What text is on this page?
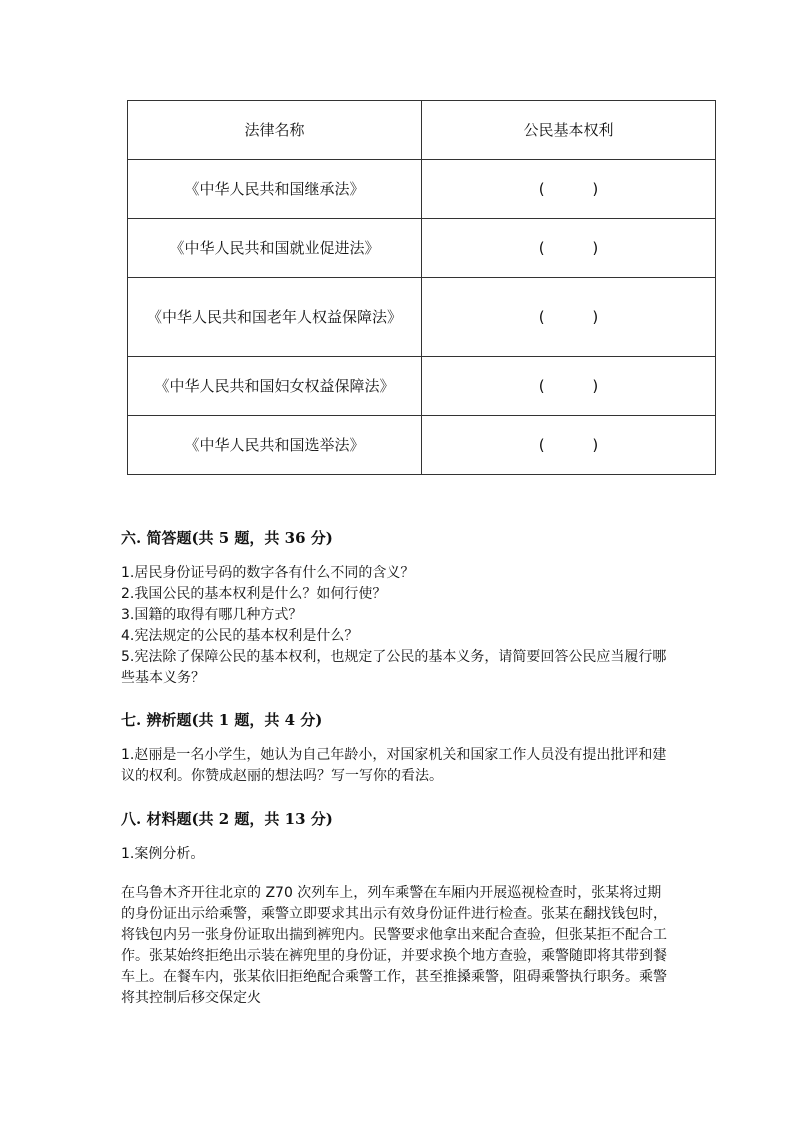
法律名称	公民基本权利
《中华人民共和国继承法》	(          )
《中华人民共和国就业促进法》	(          )
《中华人民共和国老年人权益保障法》	(          )
《中华人民共和国妇女权益保障法》	(          )
《中华人民共和国选举法》	(          )
六. 简答题(共 5 题，共 36 分)

1.居民身份证号码的数字各有什么不同的含义？

2.我国公民的基本权利是什么？如何行使？

3.国籍的取得有哪几种方式？

4.宪法规定的公民的基本权利是什么？

5.宪法除了保障公民的基本权利，也规定了公民的基本义务，请简要回答公民应当履行哪些基本义务？

七. 辨析题(共 1 题，共 4 分)

1.赵丽是一名小学生，她认为自己年龄小，对国家机关和国家工作人员没有提出批评和建议的权利。你赞成赵丽的想法吗？写一写你的看法。

八. 材料题(共 2 题，共 13 分)

1.案例分析。

在乌鲁木齐开往北京的 Z70 次列车上，列车乘警在车厢内开展巡视检查时，张某将过期的身份证出示给乘警，乘警立即要求其出示有效身份证件进行检查。张某在翻找钱包时，将钱包内另一张身份证取出揣到裤兜内。民警要求他拿出来配合查验，但张某拒不配合工作。张某始终拒绝出示装在裤兜里的身份证，并要求换个地方查验，乘警随即将其带到餐车上。在餐车内，张某依旧拒绝配合乘警工作，甚至推搡乘警，阻碍乘警执行职务。乘警将其控制后移交保定火
